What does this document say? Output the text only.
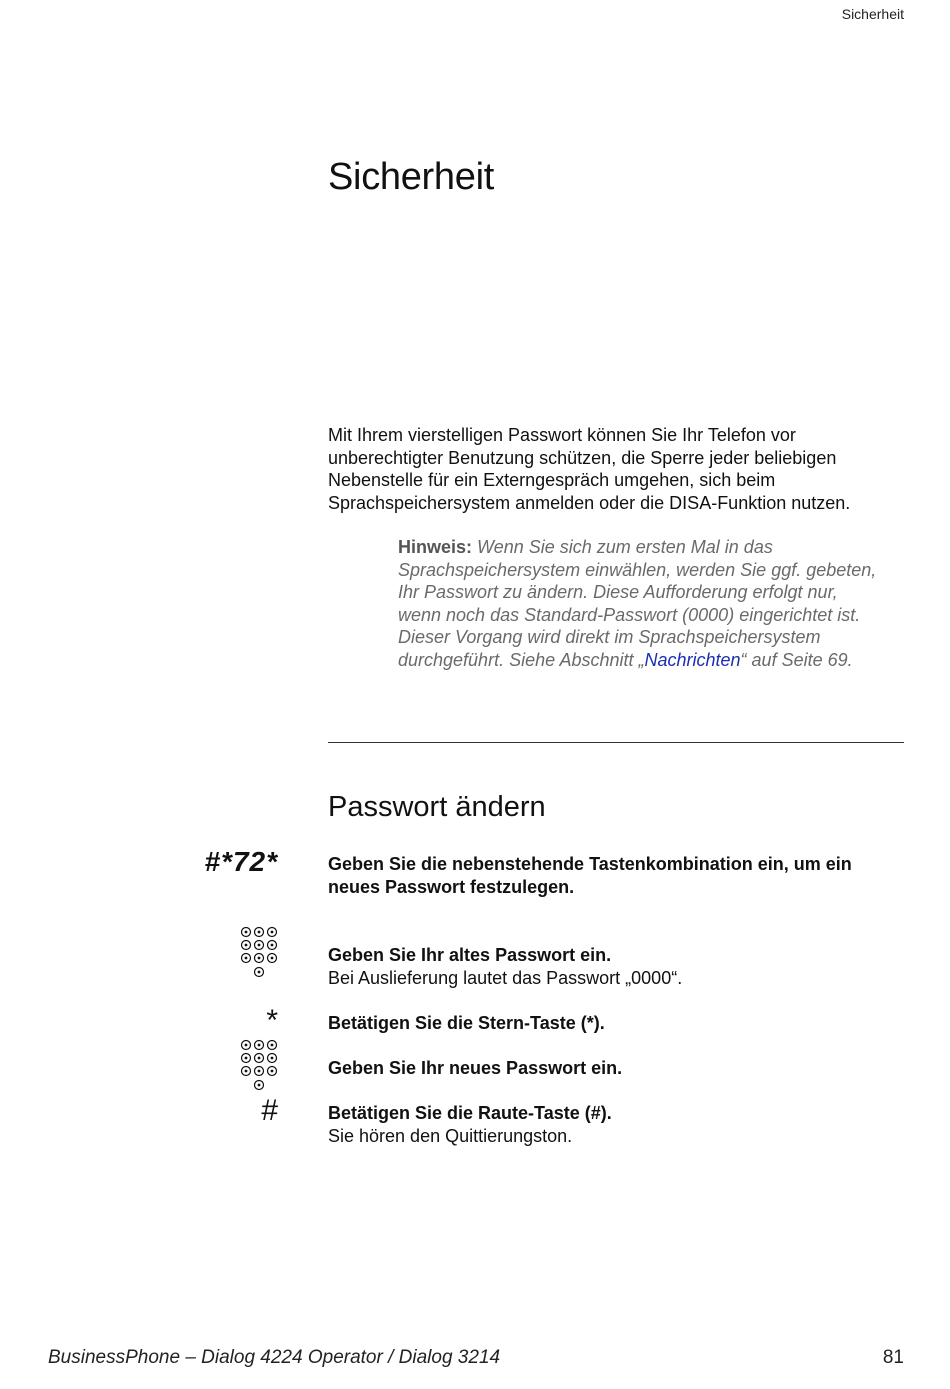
Sicherheit
Sicherheit
Mit Ihrem vierstelligen Passwort können Sie Ihr Telefon vor unberechtigter Benutzung schützen, die Sperre jeder beliebigen Nebenstelle für ein Externgespräch umgehen, sich beim Sprachspeichersystem anmelden oder die DISA-Funktion nutzen.
Hinweis: Wenn Sie sich zum ersten Mal in das Sprachspeichersystem einwählen, werden Sie ggf. gebeten, Ihr Passwort zu ändern. Diese Aufforderung erfolgt nur, wenn noch das Standard-Passwort (0000) eingerichtet ist. Dieser Vorgang wird direkt im Sprachspeichersystem durchgeführt. Siehe Abschnitt „Nachrichten“ auf Seite 69.
Passwort ändern
#*72*	Geben Sie die nebenstehende Tastenkombination ein, um ein neues Passwort festzulegen.
Geben Sie Ihr altes Passwort ein.
Bei Auslieferung lautet das Passwort „0000“.
*	Betätigen Sie die Stern-Taste (*).
Geben Sie Ihr neues Passwort ein.
#	Betätigen Sie die Raute-Taste (#).
Sie hören den Quittierungston.
BusinessPhone – Dialog 4224 Operator / Dialog 3214	81
